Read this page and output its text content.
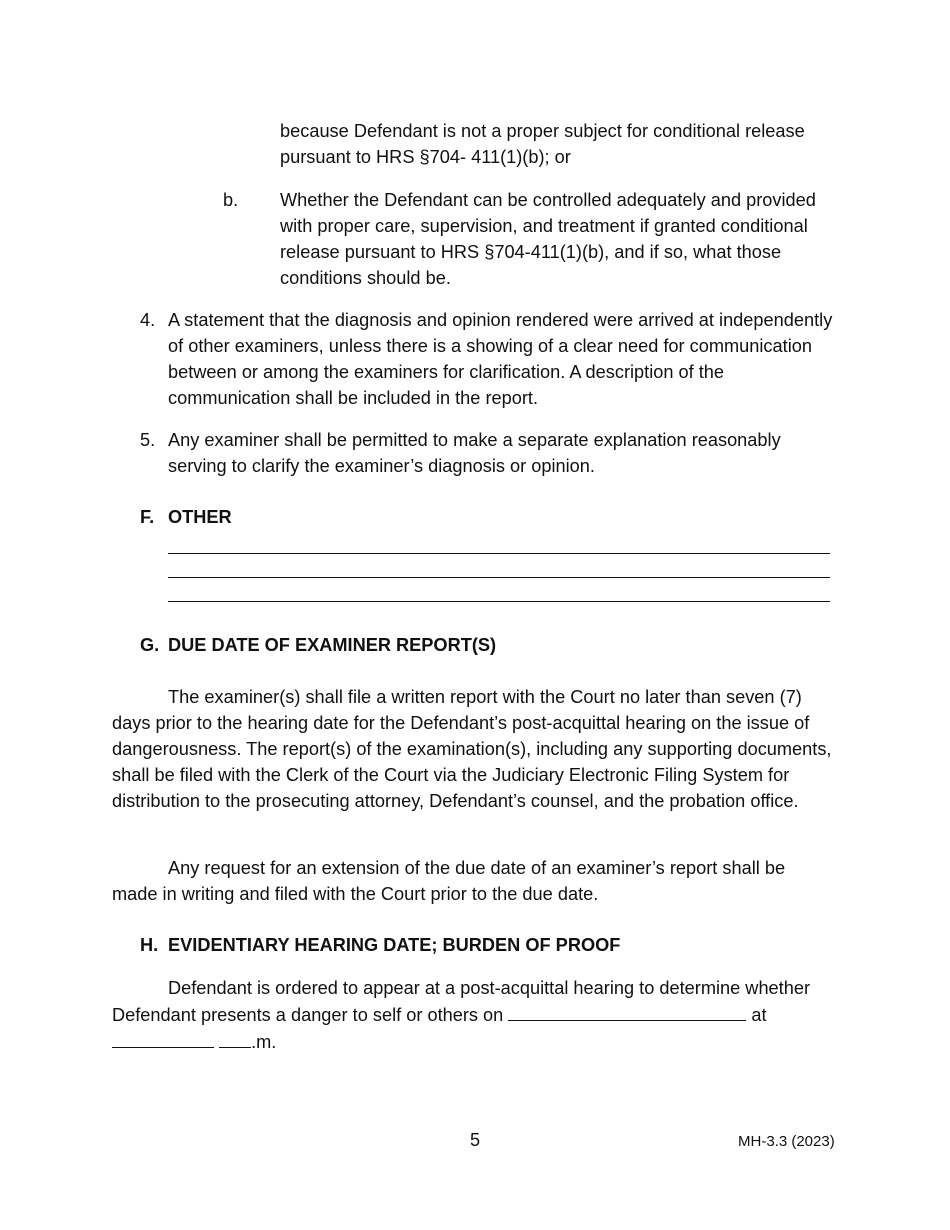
because Defendant is not a proper subject for conditional release pursuant to HRS §704- 411(1)(b); or

b. Whether the Defendant can be controlled adequately and provided with proper care, supervision, and treatment if granted conditional release pursuant to HRS §704-411(1)(b), and if so, what those conditions should be.

4. A statement that the diagnosis and opinion rendered were arrived at independently of other examiners, unless there is a showing of a clear need for communication between or among the examiners for clarification. A description of the communication shall be included in the report.

5. Any examiner shall be permitted to make a separate explanation reasonably serving to clarify the examiner’s diagnosis or opinion.

F. OTHER
G. DUE DATE OF EXAMINER REPORT(S)

The examiner(s) shall file a written report with the Court no later than seven (7) days prior to the hearing date for the Defendant’s post-acquittal hearing on the issue of dangerousness. The report(s) of the examination(s), including any supporting documents, shall be filed with the Clerk of the Court via the Judiciary Electronic Filing System for distribution to the prosecuting attorney, Defendant’s counsel, and the probation office.

Any request for an extension of the due date of an examiner’s report shall be made in writing and filed with the Court prior to the due date.

H. EVIDENTIARY HEARING DATE; BURDEN OF PROOF
Defendant is ordered to appear at a post-acquittal hearing to determine whether
Defendant presents a danger to self or others on	at
.m.
5	MH-3.3 (2023)
